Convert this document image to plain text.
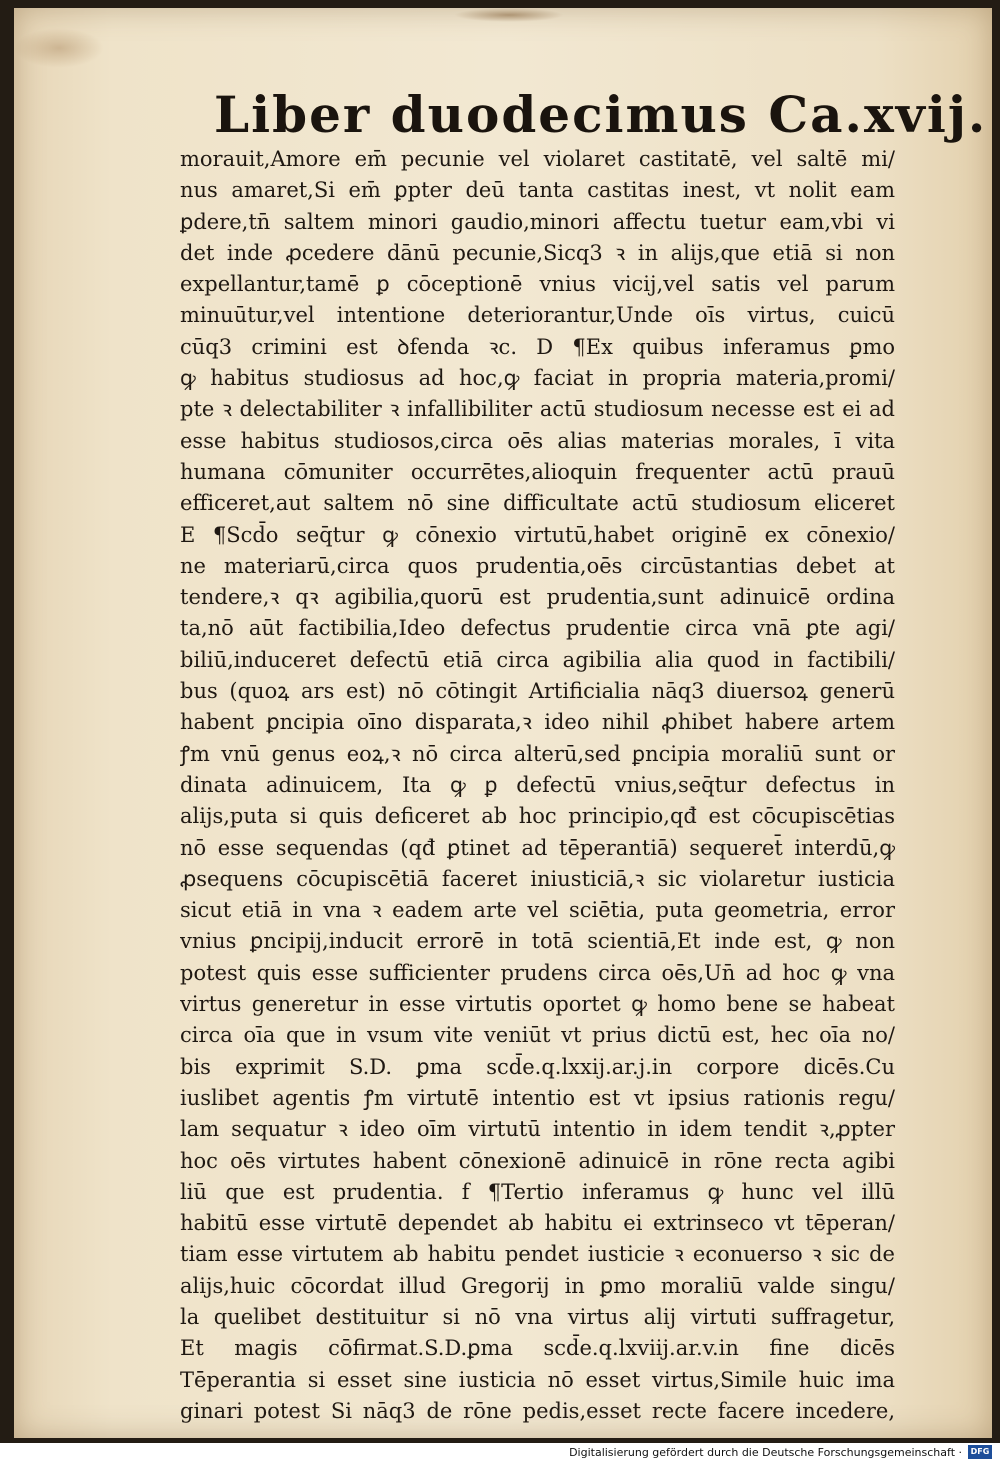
Liber duodecimus Ca.xvij.
morauit,Amore em̄ pecunie vel violaret castitatē, vel saltē mi/
nus amaret,Si em̄ ꝑpter deū tanta castitas inest, vt nolit eam
ꝑdere,tn̄ saltem minori gaudio,minori affectu tuetur eam,vbi vi
det inde ꝓcedere dānū pecunie,Sicq3 ꝛ in alijs,que etiā si non
expellantur,tamē ꝑ cōceptionē vnius vicij,vel satis vel parum
minuūtur,vel intentione deteriorantur,Unde oīs virtus, cuicū
cūq3 crimini est ꝺfenda ꝛc. D ¶Ex quibus inferamus ꝑmo
ꝙ habitus studiosus ad hoc,ꝙ faciat in propria materia,promi/
pte ꝛ delectabiliter ꝛ infallibiliter actū studiosum necesse est ei ad
esse habitus studiosos,circa oēs alias materias morales, ī vita
humana cōmuniter occurrētes,alioquin frequenter actū prauū
efficeret,aut saltem nō sine difficultate actū studiosum eliceret
E ¶Scd̄o seq̄tur ꝙ cōnexio virtutū,habet originē ex cōnexio/
ne materiarū,circa quos prudentia,oēs circūstantias debet at
tendere,ꝛ qꝛ agibilia,quorū est prudentia,sunt adinuicē ordina
ta,nō aūt factibilia,Ideo defectus prudentie circa vnā ꝑte agi/
biliū,induceret defectū etiā circa agibilia alia quod in factibili/
bus (quoꝝ ars est) nō cōtingit Artificialia nāq3 diuersoꝝ generū
habent ꝑncipia oīno disparata,ꝛ ideo nihil ꝓhibet habere artem
ꝭm vnū genus eoꝝ,ꝛ nō circa alterū,sed ꝑncipia moraliū sunt or
dinata adinuicem, Ita ꝙ ꝑ defectū vnius,seq̄tur defectus in
alijs,puta si quis deficeret ab hoc principio,qđ est cōcupiscētias
nō esse sequendas (qđ ꝑtinet ad tēperantiā) sequeret̄ interdū,ꝙ
ꝓsequens cōcupiscētiā faceret iniusticiā,ꝛ sic violaretur iusticia
sicut etiā in vna ꝛ eadem arte vel sciētia, puta geometria, error
vnius ꝑncipij,inducit errorē in totā scientiā,Et inde est, ꝙ non
potest quis esse sufficienter prudens circa oēs,Un̄ ad hoc ꝙ vna
virtus generetur in esse virtutis oportet ꝙ homo bene se habeat
circa oīa que in vsum vite veniūt vt prius dictū est, hec oīa no/
bis exprimit S.D. ꝑma scd̄e.q.lxxij.ar.j.in corpore dicēs.Cu
iuslibet agentis ꝭm virtutē intentio est vt ipsius rationis regu/
lam sequatur ꝛ ideo oīm virtutū intentio in idem tendit ꝛ,ꝓpter
hoc oēs virtutes habent cōnexionē adinuicē in rōne recta agibi
liū que est prudentia. f ¶Tertio inferamus ꝙ hunc vel illū
habitū esse virtutē dependet ab habitu ei extrinseco vt tēperan/
tiam esse virtutem ab habitu pendet iusticie ꝛ econuerso ꝛ sic de
alijs,huic cōcordat illud Gregorij in ꝑmo moraliū valde singu/
la quelibet destituitur si nō vna virtus alij virtuti suffragetur,
Et magis cōfirmat.S.D.ꝑma scd̄e.q.lxviij.ar.v.in fine dicēs
Tēperantia si esset sine iusticia nō esset virtus,Simile huic ima
ginari potest Si nāq3 de rōne pedis,esset recte facere incedere,
Digitalisierung gefördert durch die Deutsche Forschungsgemeinschaft ·	DFG
